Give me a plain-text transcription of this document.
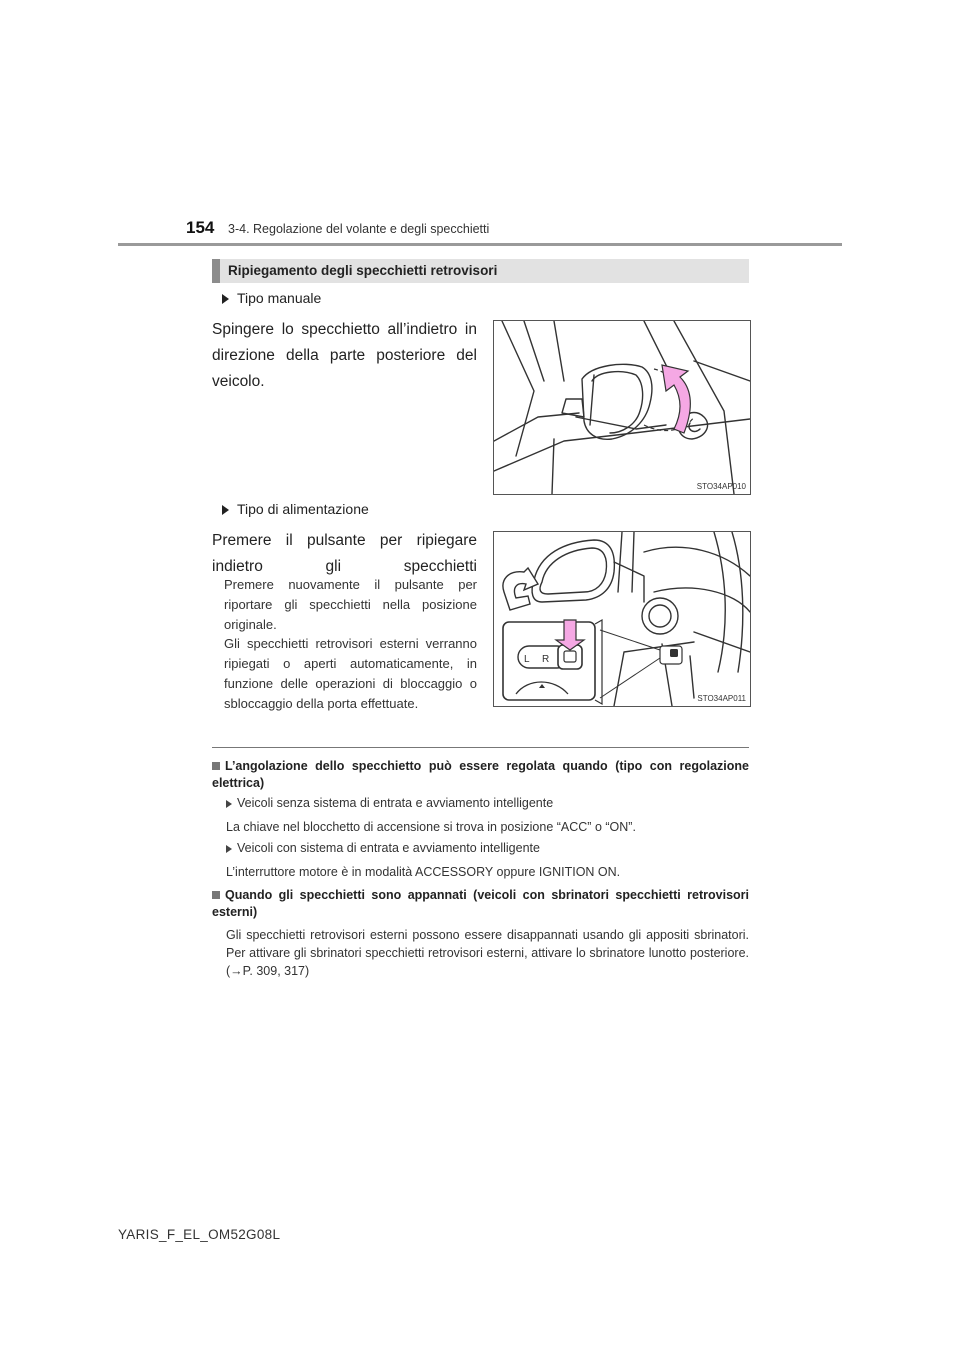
154 3-4. Regolazione del volante e degli specchietti
Ripiegamento degli specchietti retrovisori
Tipo manuale
Spingere lo specchietto all’indietro in direzione della parte posteriore del veicolo.
STO34AP010
Tipo di alimentazione
Premere il pulsante per ripiegare indietro gli specchietti
Premere nuovamente il pulsante per riportare gli specchietti nella posizione originale.
Gli specchietti retrovisori esterni verranno ripiegati o aperti automaticamente, in funzione delle operazioni di bloccaggio o sbloccaggio della porta effettuate.
L R
STO34AP011
L’angolazione dello specchietto può essere regolata quando (tipo con regolazione elettrica)
Veicoli senza sistema di entrata e avviamento intelligente
La chiave nel blocchetto di accensione si trova in posizione “ACC” o “ON”.
Veicoli con sistema di entrata e avviamento intelligente
L’interruttore motore è in modalità ACCESSORY oppure IGNITION ON.
Quando gli specchietti sono appannati (veicoli con sbrinatori specchietti retrovisori esterni)
Gli specchietti retrovisori esterni possono essere disappannati usando gli appositi sbrinatori. Per attivare gli sbrinatori specchietti retrovisori esterni, attivare lo sbrinatore lunotto posteriore. (→P. 309, 317)
YARIS_F_EL_OM52G08L
